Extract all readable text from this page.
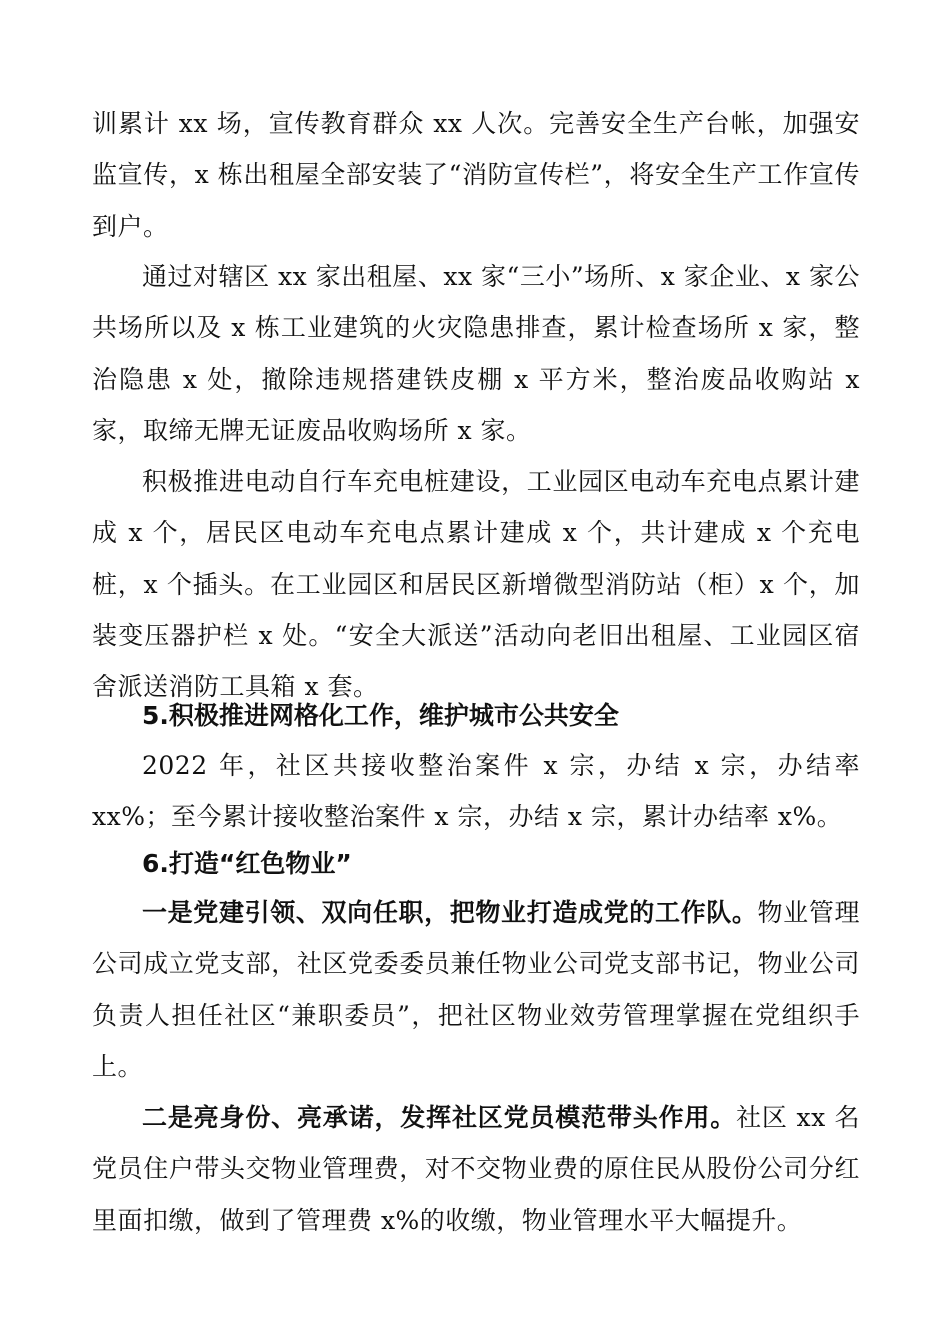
训累计 xx 场，宣传教育群众 xx 人次。完善安全生产台帐，加强安监宣传，x 栋出租屋全部安装了“消防宣传栏”，将安全生产工作宣传到户。

通过对辖区 xx 家出租屋、xx 家“三小”场所、x 家企业、x 家公共场所以及 x 栋工业建筑的火灾隐患排查，累计检查场所 x 家，整治隐患 x 处，撤除违规搭建铁皮棚 x 平方米，整治废品收购站 x 家，取缔无牌无证废品收购场所 x 家。

积极推进电动自行车充电桩建设，工业园区电动车充电点累计建成 x 个，居民区电动车充电点累计建成 x 个，共计建成 x 个充电桩，x 个插头。在工业园区和居民区新增微型消防站（柜）x 个，加装变压器护栏 x 处。“安全大派送”活动向老旧出租屋、工业园区宿舍派送消防工具箱 x 套。

5.积极推进网格化工作，维护城市公共安全

2022 年，社区共接收整治案件 x 宗，办结 x 宗，办结率 xx%；至今累计接收整治案件 x 宗，办结 x 宗，累计办结率 x%。

6.打造“红色物业”

一是党建引领、双向任职，把物业打造成党的工作队。物业管理公司成立党支部，社区党委委员兼任物业公司党支部书记，物业公司负责人担任社区“兼职委员”，把社区物业效劳管理掌握在党组织手上。

二是亮身份、亮承诺，发挥社区党员模范带头作用。社区 xx 名党员住户带头交物业管理费，对不交物业费的原住民从股份公司分红里面扣缴，做到了管理费 x%的收缴，物业管理水平大幅提升。
